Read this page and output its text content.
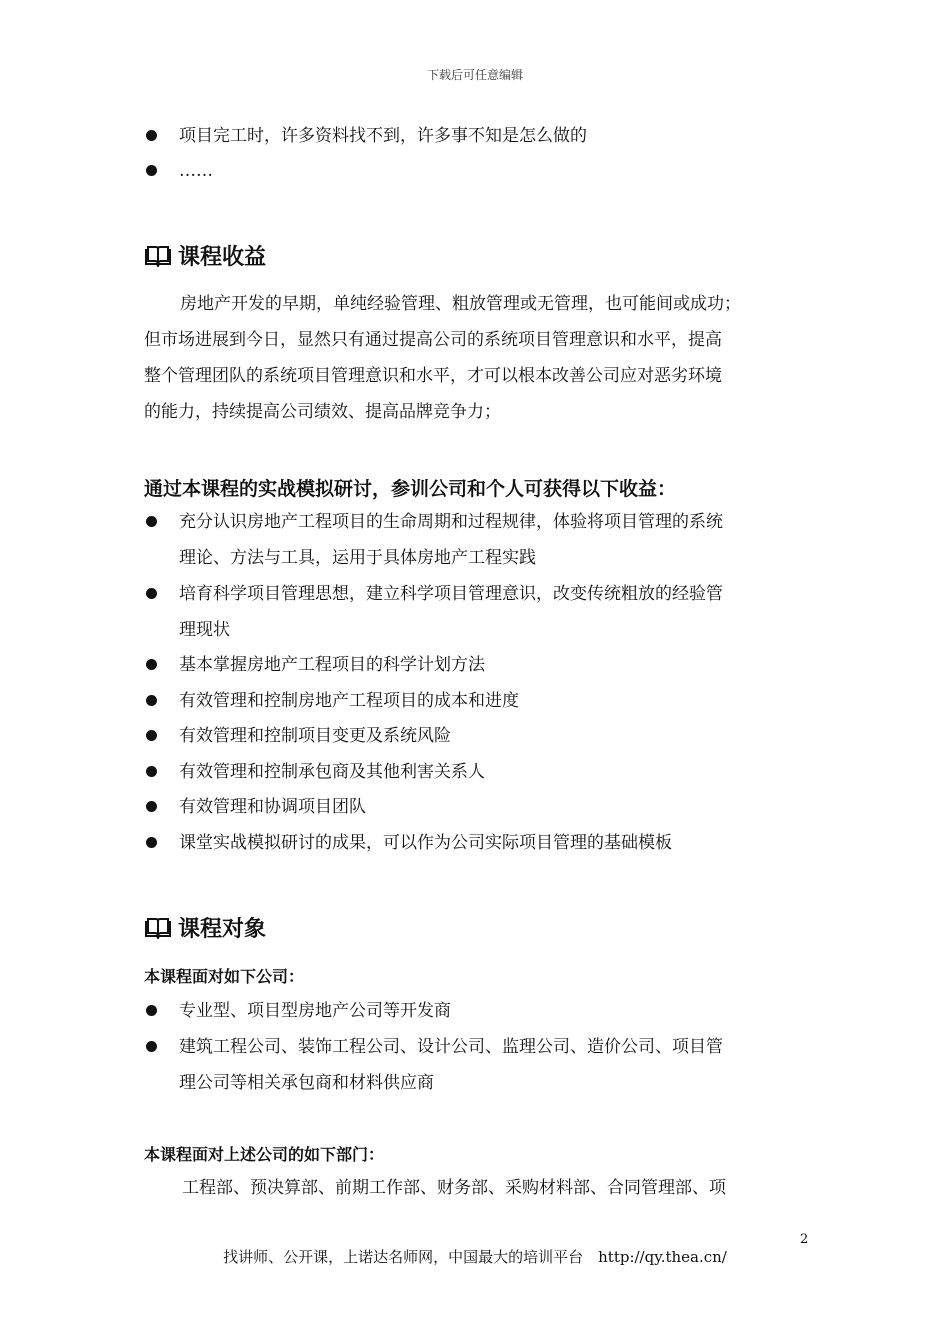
下载后可任意编辑
项目完工时，许多资料找不到，许多事不知是怎么做的
……
课程收益
房地产开发的早期，单纯经验管理、粗放管理或无管理，也可能间或成功；
但市场进展到今日，显然只有通过提高公司的系统项目管理意识和水平，提高
整个管理团队的系统项目管理意识和水平，才可以根本改善公司应对恶劣环境
的能力，持续提高公司绩效、提高品牌竞争力；
通过本课程的实战模拟研讨，参训公司和个人可获得以下收益：
充分认识房地产工程项目的生命周期和过程规律，体验将项目管理的系统
理论、方法与工具，运用于具体房地产工程实践
培育科学项目管理思想，建立科学项目管理意识，改变传统粗放的经验管
理现状
基本掌握房地产工程项目的科学计划方法
有效管理和控制房地产工程项目的成本和进度
有效管理和控制项目变更及系统风险
有效管理和控制承包商及其他利害关系人
有效管理和协调项目团队
课堂实战模拟研讨的成果，可以作为公司实际项目管理的基础模板
课程对象
本课程面对如下公司：
专业型、项目型房地产公司等开发商
建筑工程公司、装饰工程公司、设计公司、监理公司、造价公司、项目管
理公司等相关承包商和材料供应商
本课程面对上述公司的如下部门：
工程部、预决算部、前期工作部、财务部、采购材料部、合同管理部、项
2
找讲师、公开课，上诺达名师网，中国最大的培训平台　http://qy.thea.cn/
